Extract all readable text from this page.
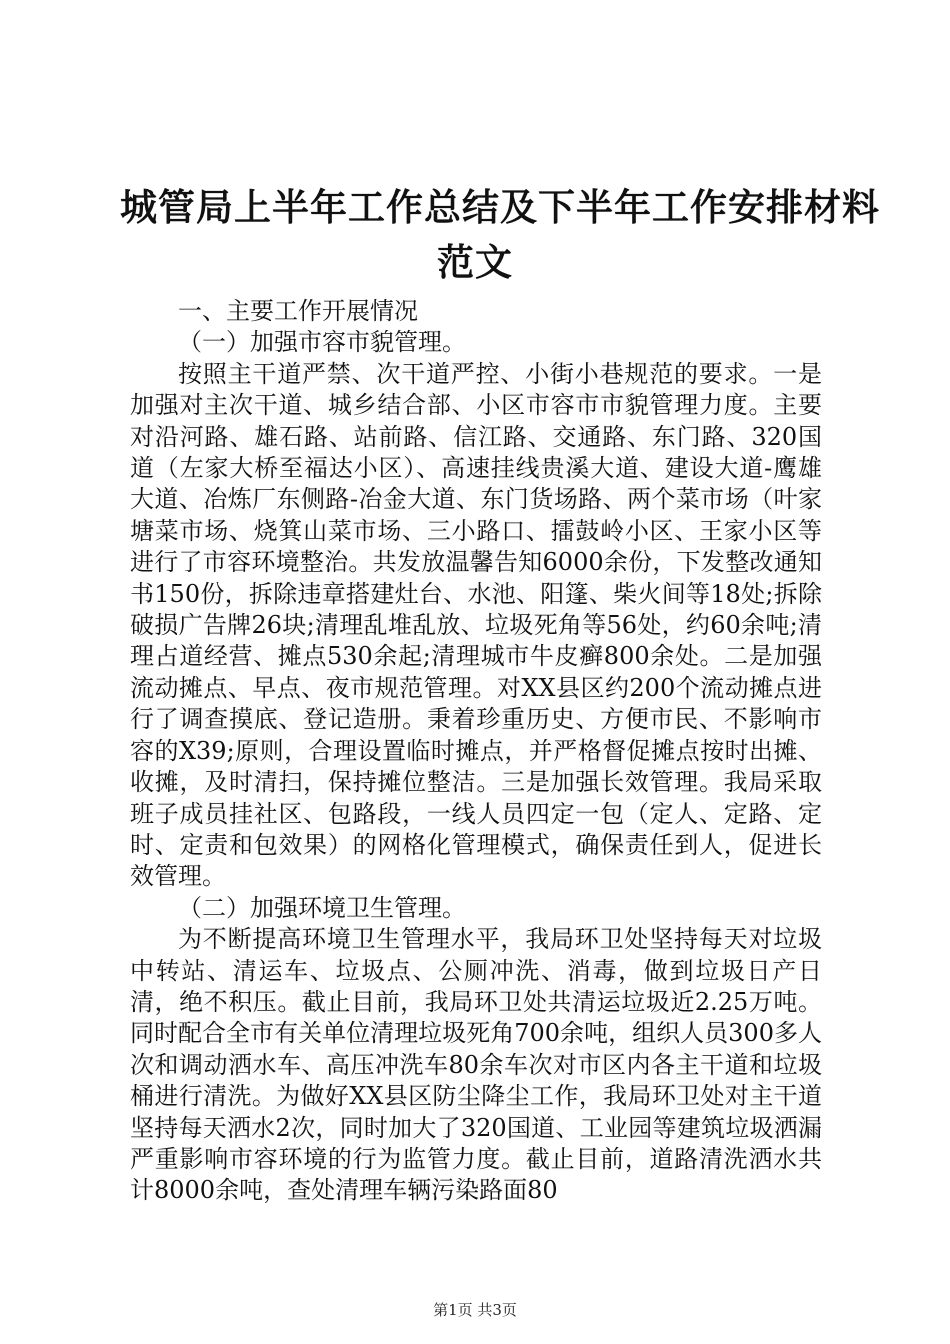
城管局上半年工作总结及下半年工作安排材料
范文

一、主要工作开展情况

（一）加强市容市貌管理。

按照主干道严禁、次干道严控、小街小巷规范的要求。一是加强对主次干道、城乡结合部、小区市容市市貌管理力度。主要对沿河路、雄石路、站前路、信江路、交通路、东门路、320国道（左家大桥至福达小区）、高速挂线贵溪大道、建设大道-鹰雄大道、冶炼厂东侧路-冶金大道、东门货场路、两个菜市场（叶家塘菜市场、烧箕山菜市场、三小路口、擂鼓岭小区、王家小区等进行了市容环境整治。共发放温馨告知6000余份，下发整改通知书150份，拆除违章搭建灶台、水池、阳篷、柴火间等18处;拆除破损广告牌26块;清理乱堆乱放、垃圾死角等56处，约60余吨;清理占道经营、摊点530余起;清理城市牛皮癣800余处。二是加强流动摊点、早点、夜市规范管理。对XX县区约200个流动摊点进行了调查摸底、登记造册。秉着珍重历史、方便市民、不影响市容的X39;原则，合理设置临时摊点，并严格督促摊点按时出摊、收摊，及时清扫，保持摊位整洁。三是加强长效管理。我局采取班子成员挂社区、包路段，一线人员四定一包（定人、定路、定时、定责和包效果）的网格化管理模式，确保责任到人，促进长效管理。

（二）加强环境卫生管理。

为不断提高环境卫生管理水平，我局环卫处坚持每天对垃圾中转站、清运车、垃圾点、公厕冲洗、消毒，做到垃圾日产日清，绝不积压。截止目前，我局环卫处共清运垃圾近2.25万吨。同时配合全市有关单位清理垃圾死角700余吨，组织人员300多人次和调动洒水车、高压冲洗车80余车次对市区内各主干道和垃圾桶进行清洗。为做好XX县区防尘降尘工作，我局环卫处对主干道坚持每天洒水2次，同时加大了320国道、工业园等建筑垃圾洒漏严重影响市容环境的行为监管力度。截止目前，道路清洗洒水共计8000余吨，查处清理车辆污染路面80

第1页 共3页
